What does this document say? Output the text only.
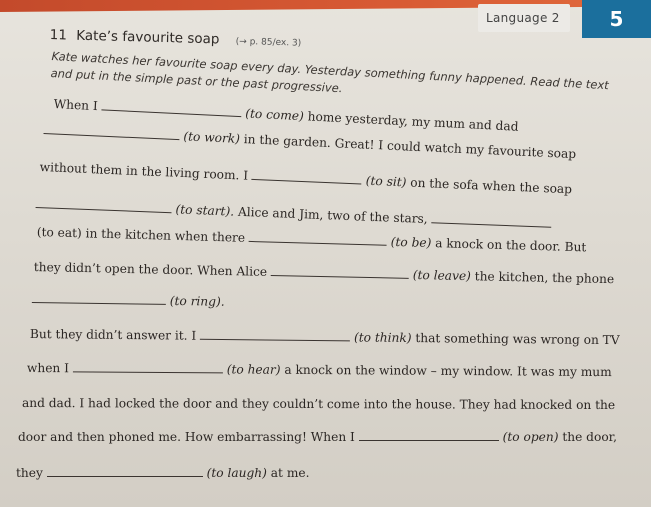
Language 2	5
11 Kate’s favourite soap (→ p. 85/ex. 3)
Kate watches her favourite soap every day. Yesterday something funny happened. Read the text and put in the simple past or the past progressive.
When I  (to come) home yesterday, my mum and dad
(to work) in the garden. Great! I could watch my favourite soap
without them in the living room. I	(to sit) on the sofa when the soap
(to start). Alice and Jim, two of the stars,
(to eat) in the kitchen when there	(to be) a knock on the door. But
they didn’t open the door. When Alice	(to leave) the kitchen, the phone
(to ring).
But they didn’t answer it. I	(to think) that something was wrong on TV
when I	(to hear) a knock on the window – my window. It was my mum
and dad. I had locked the door and they couldn’t come into the house. They had knocked on the
door and then phoned me. How embarrassing! When I	(to open) the door,
they	(to laugh) at me.
